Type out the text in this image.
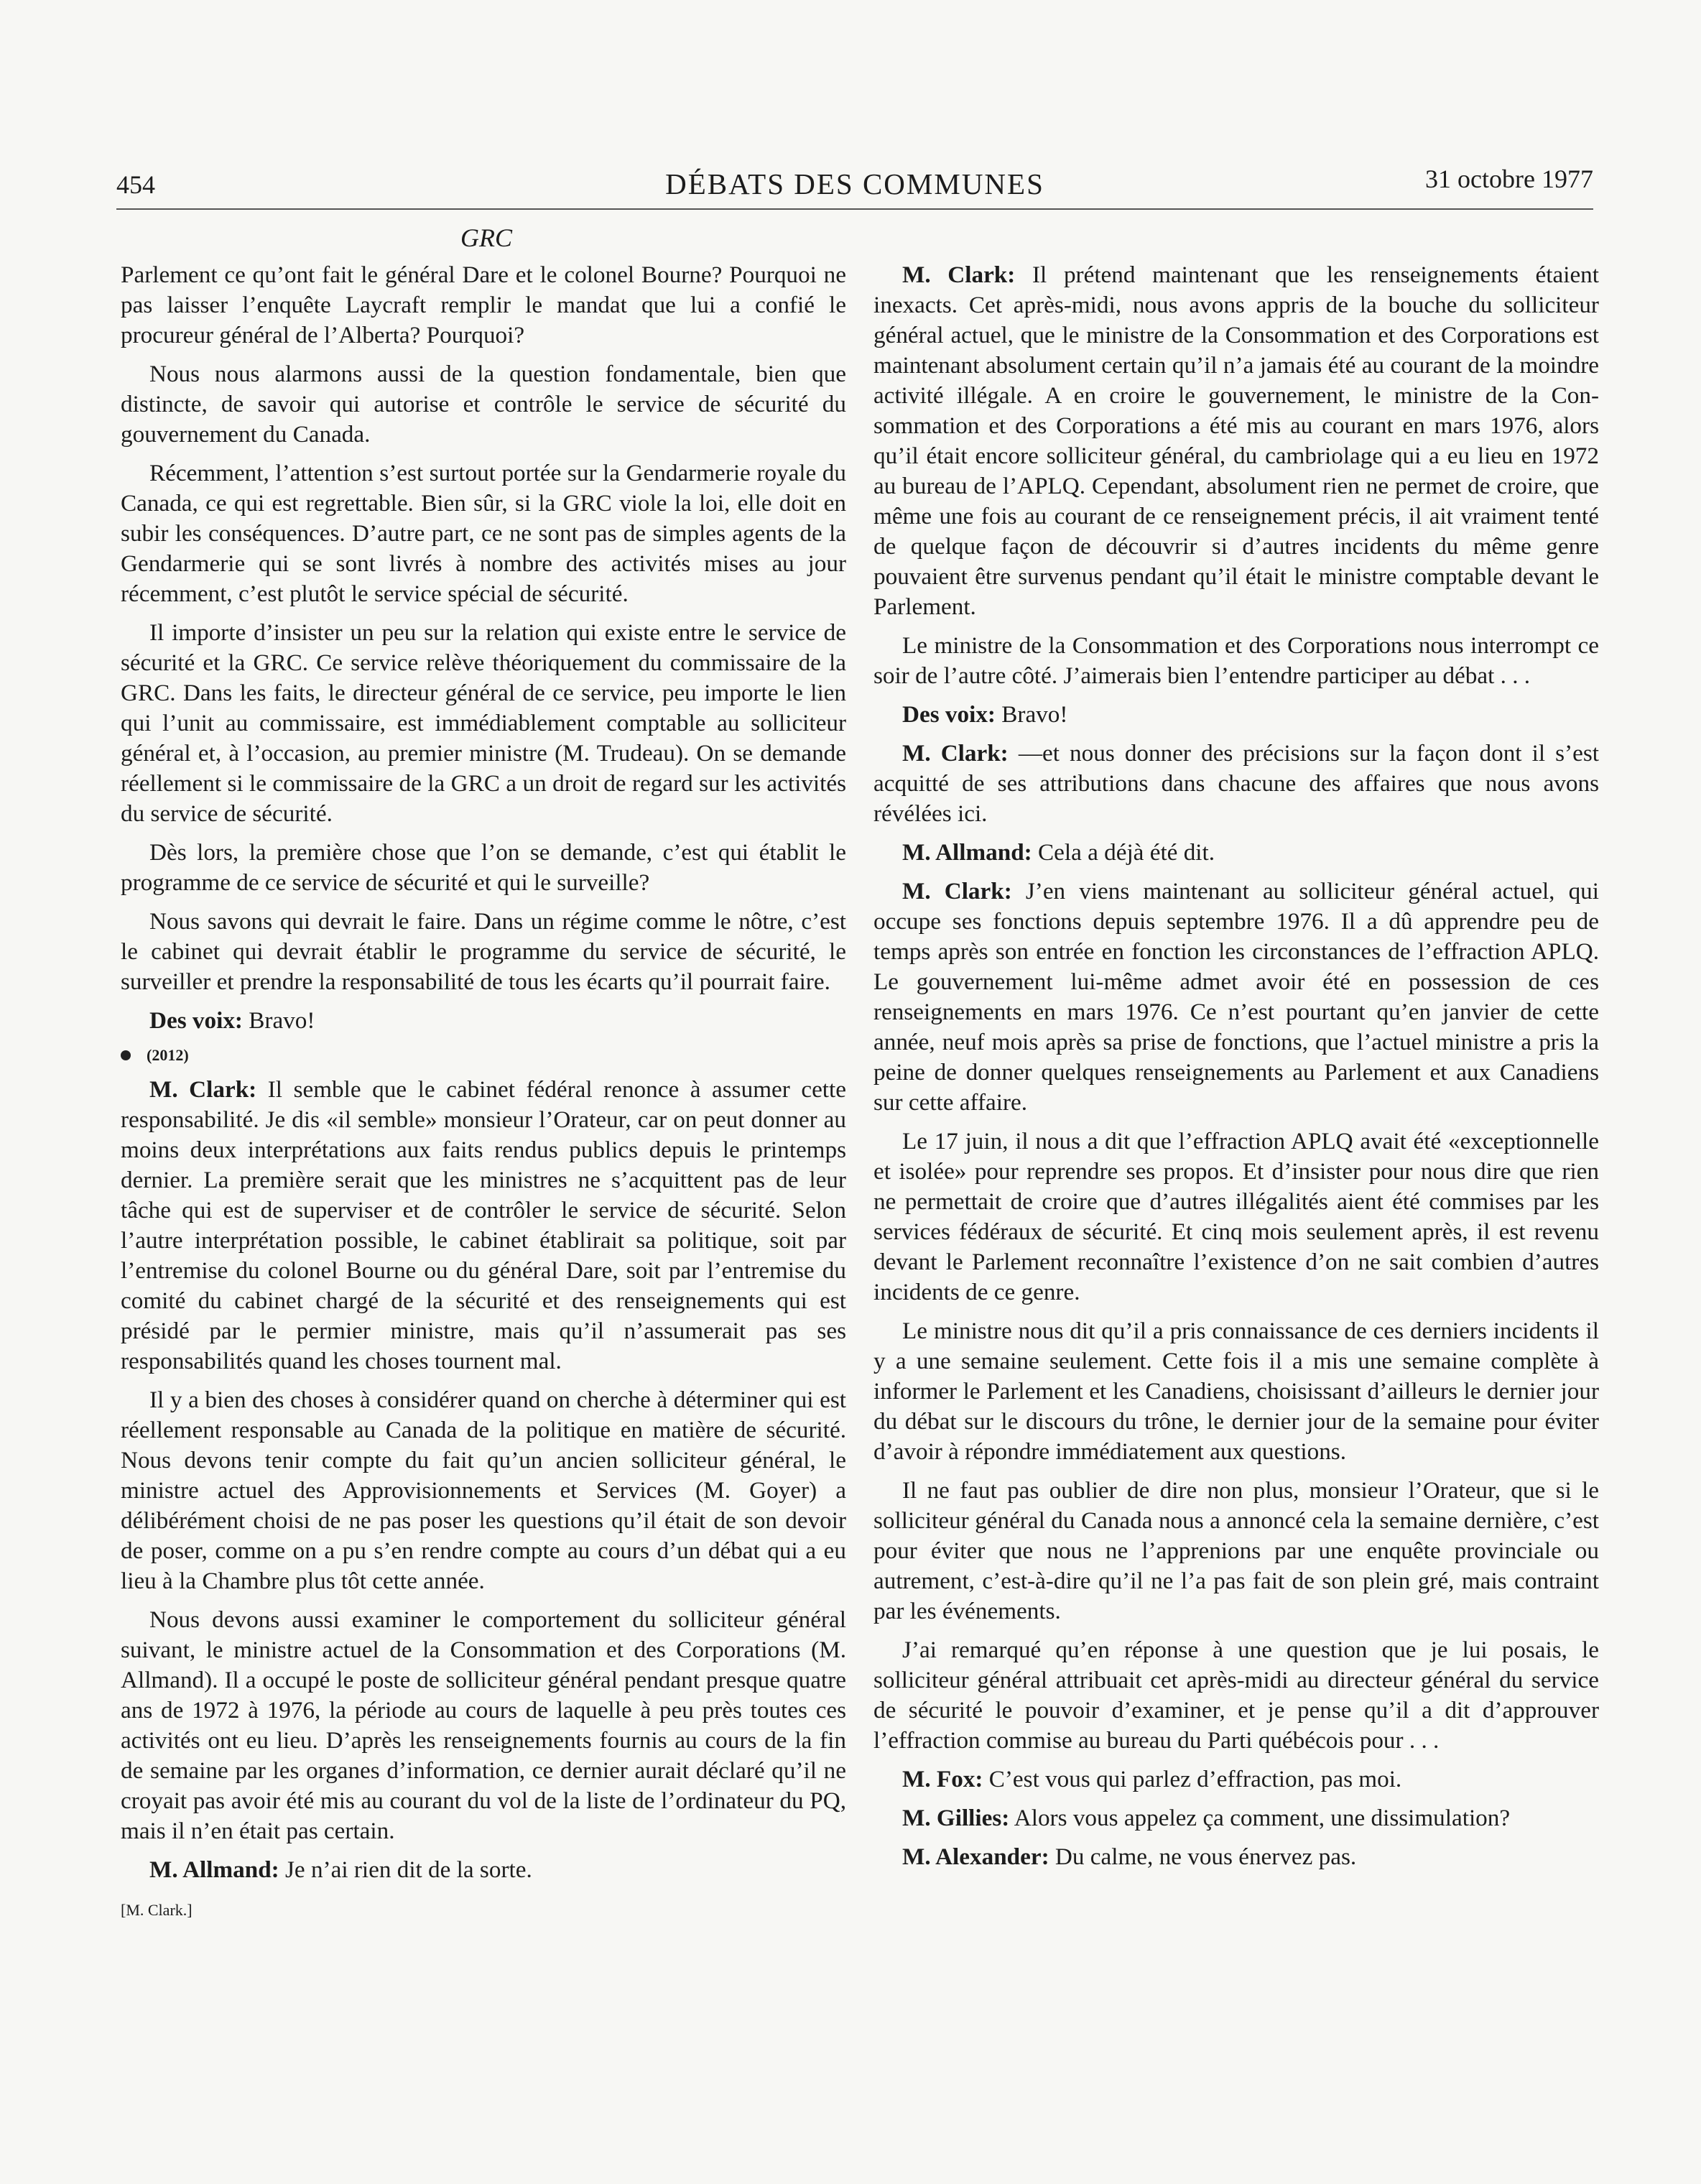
454	DÉBATS DES COMMUNES	31 octobre 1977
GRC

Parlement ce qu’ont fait le général Dare et le colonel Bourne? Pourquoi ne pas laisser l’enquête Laycraft remplir le mandat que lui a confié le procureur général de l’Alberta? Pourquoi?

Nous nous alarmons aussi de la question fondamentale, bien que distincte, de savoir qui autorise et contrôle le service de sécurité du gouvernement du Canada.

Récemment, l’attention s’est surtout portée sur la Gendarmerie royale du Canada, ce qui est regrettable. Bien sûr, si la GRC viole la loi, elle doit en subir les conséquences. D’autre part, ce ne sont pas de simples agents de la Gendarmerie qui se sont livrés à nombre des activités mises au jour récemment, c’est plutôt le service spécial de sécurité.

Il importe d’insister un peu sur la relation qui existe entre le service de sécurité et la GRC. Ce service relève théoriquement du commissaire de la GRC. Dans les faits, le directeur général de ce service, peu importe le lien qui l’unit au commissaire, est immédiablement comptable au solliciteur général et, à l’occasion, au premier ministre (M. Trudeau). On se demande réellement si le commissaire de la GRC a un droit de regard sur les activités du service de sécurité.

Dès lors, la première chose que l’on se demande, c’est qui établit le programme de ce service de sécurité et qui le surveille?

Nous savons qui devrait le faire. Dans un régime comme le nôtre, c’est le cabinet qui devrait établir le programme du service de sécurité, le surveiller et prendre la responsabilité de tous les écarts qu’il pourrait faire.

Des voix: Bravo!

(2012)

M. Clark: Il semble que le cabinet fédéral renonce à assumer cette responsabilité. Je dis «il semble» monsieur l’Orateur, car on peut donner au moins deux interprétations aux faits rendus publics depuis le printemps dernier. La première serait que les ministres ne s’acquittent pas de leur tâche qui est de superviser et de contrôler le service de sécurité. Selon l’autre interprétation possible, le cabinet établirait sa politique, soit par l’entremise du colonel Bourne ou du général Dare, soit par l’entremise du comité du cabinet chargé de la sécurité et des renseignements qui est présidé par le permier ministre, mais qu’il n’assumerait pas ses responsabilités quand les choses tournent mal.

Il y a bien des choses à considérer quand on cherche à déterminer qui est réellement responsable au Canada de la politique en matière de sécurité. Nous devons tenir compte du fait qu’un ancien solliciteur général, le ministre actuel des Approvisionnements et Services (M. Goyer) a délibérément choisi de ne pas poser les questions qu’il était de son devoir de poser, comme on a pu s’en rendre compte au cours d’un débat qui a eu lieu à la Chambre plus tôt cette année.

Nous devons aussi examiner le comportement du solliciteur général suivant, le ministre actuel de la Consommation et des Corporations (M. Allmand). Il a occupé le poste de solliciteur général pendant presque quatre ans de 1972 à 1976, la période au cours de laquelle à peu près toutes ces activités ont eu lieu. D’après les renseignements fournis au cours de la fin de semaine par les organes d’information, ce dernier aurait déclaré qu’il ne croyait pas avoir été mis au courant du vol de la liste de l’ordinateur du PQ, mais il n’en était pas certain.

M. Allmand: Je n’ai rien dit de la sorte.

[M. Clark.]

M. Clark: Il prétend maintenant que les renseignements étaient inexacts. Cet après-midi, nous avons appris de la bouche du solliciteur général actuel, que le ministre de la Consommation et des Corporations est maintenant absolument certain qu’il n’a jamais été au courant de la moindre activité illégale. A en croire le gouvernement, le ministre de la Consommation et des Corporations a été mis au courant en mars 1976, alors qu’il était encore solliciteur général, du cambriolage qui a eu lieu en 1972 au bureau de l’APLQ. Cependant, absolument rien ne permet de croire, que même une fois au courant de ce renseignement précis, il ait vraiment tenté de quelque façon de découvrir si d’autres incidents du même genre pouvaient être survenus pendant qu’il était le ministre comptable devant le Parlement.

Le ministre de la Consommation et des Corporations nous interrompt ce soir de l’autre côté. J’aimerais bien l’entendre participer au débat . . .

Des voix: Bravo!

M. Clark: —et nous donner des précisions sur la façon dont il s’est acquitté de ses attributions dans chacune des affaires que nous avons révélées ici.

M. Allmand: Cela a déjà été dit.

M. Clark: J’en viens maintenant au solliciteur général actuel, qui occupe ses fonctions depuis septembre 1976. Il a dû apprendre peu de temps après son entrée en fonction les circonstances de l’effraction APLQ. Le gouvernement lui-même admet avoir été en possession de ces renseignements en mars 1976. Ce n’est pourtant qu’en janvier de cette année, neuf mois après sa prise de fonctions, que l’actuel ministre a pris la peine de donner quelques renseignements au Parlement et aux Canadiens sur cette affaire.

Le 17 juin, il nous a dit que l’effraction APLQ avait été «exceptionnelle et isolée» pour reprendre ses propos. Et d’insister pour nous dire que rien ne permettait de croire que d’autres illégalités aient été commises par les services fédéraux de sécurité. Et cinq mois seulement après, il est revenu devant le Parlement reconnaître l’existence d’on ne sait combien d’autres incidents de ce genre.

Le ministre nous dit qu’il a pris connaissance de ces derniers incidents il y a une semaine seulement. Cette fois il a mis une semaine complète à informer le Parlement et les Canadiens, choisissant d’ailleurs le dernier jour du débat sur le discours du trône, le dernier jour de la semaine pour éviter d’avoir à répondre immédiatement aux questions.

Il ne faut pas oublier de dire non plus, monsieur l’Orateur, que si le solliciteur général du Canada nous a annoncé cela la semaine dernière, c’est pour éviter que nous ne l’apprenions par une enquête provinciale ou autrement, c’est-à-dire qu’il ne l’a pas fait de son plein gré, mais contraint par les événements.

J’ai remarqué qu’en réponse à une question que je lui posais, le solliciteur général attribuait cet après-midi au directeur général du service de sécurité le pouvoir d’examiner, et je pense qu’il a dit d’approuver l’effraction commise au bureau du Parti québécois pour . . .

M. Fox: C’est vous qui parlez d’effraction, pas moi.

M. Gillies: Alors vous appelez ça comment, une dissimulation?

M. Alexander: Du calme, ne vous énervez pas.
